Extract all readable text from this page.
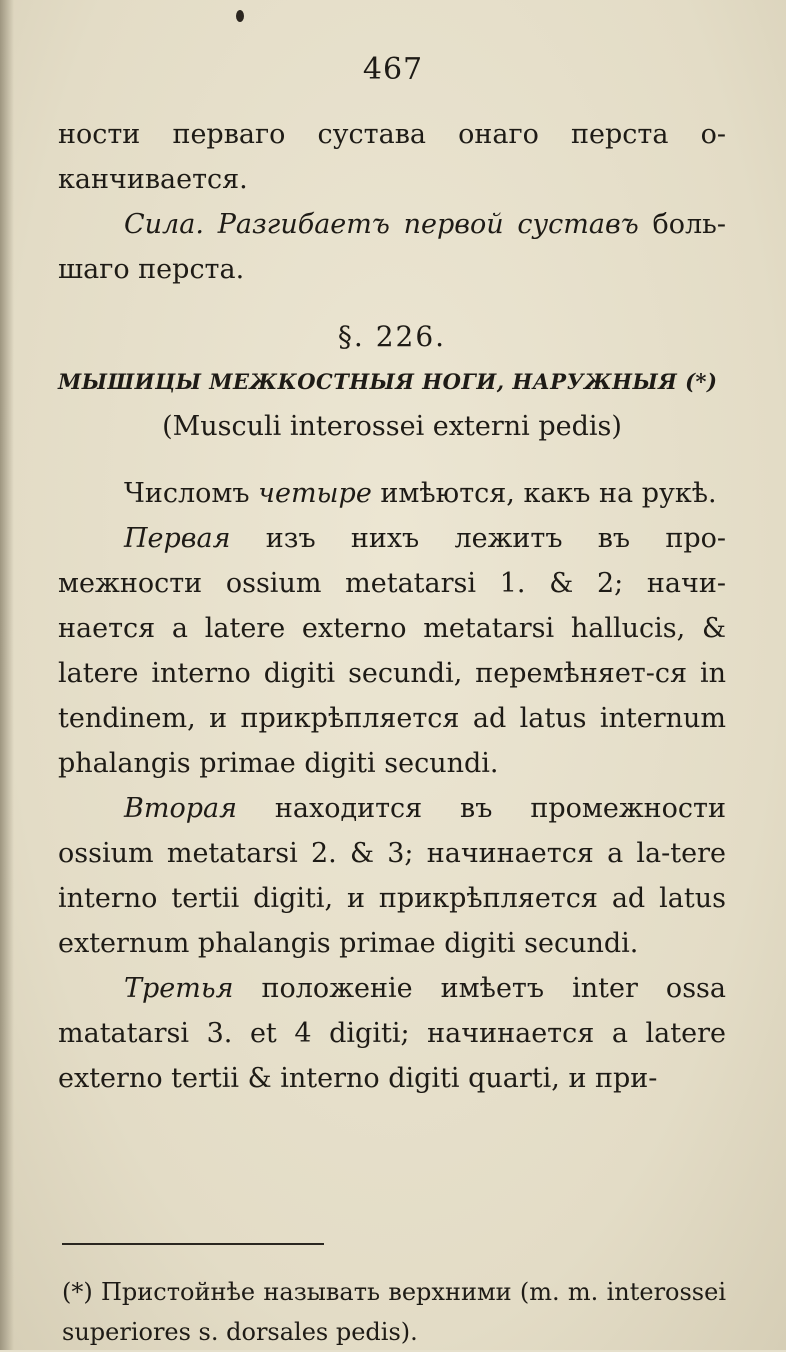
467

ности первагo сустава онаго перста о-канчивается.

Сила. Разгибаетъ первой суставъ боль-шаго перста.

§. 226.

МЫШИЦЫ МЕЖКОСТНЫЯ НОГИ, НАРУЖНЫЯ (*)

(Musculi interossei externi pedis)

Числомъ четыре имѣются, какъ на рукѣ.

Первая изъ нихъ лежитъ въ про-межности ossium metatarsi 1. & 2; начи-нается a latere externo metatarsi hallucis, & latere interno digiti secundi, перемѣняет-ся in tendinem, и прикрѣпляется ad latus internum phalangis primae digiti secundi.

Вторая находится въ промежности ossium metatarsi 2. & 3; начинается a la-tere interno tertii digiti, и прикрѣпляется ad latus externum phalangis primae digiti secundi.

Третья положеніе имѣетъ inter ossa matatarsi 3. et 4 digiti; начинается a latere externo tertii & interno digiti quarti, и при-

(*) Пристойнѣе называть верхними (m. m. interossei superiores s. dorsales pedis).
